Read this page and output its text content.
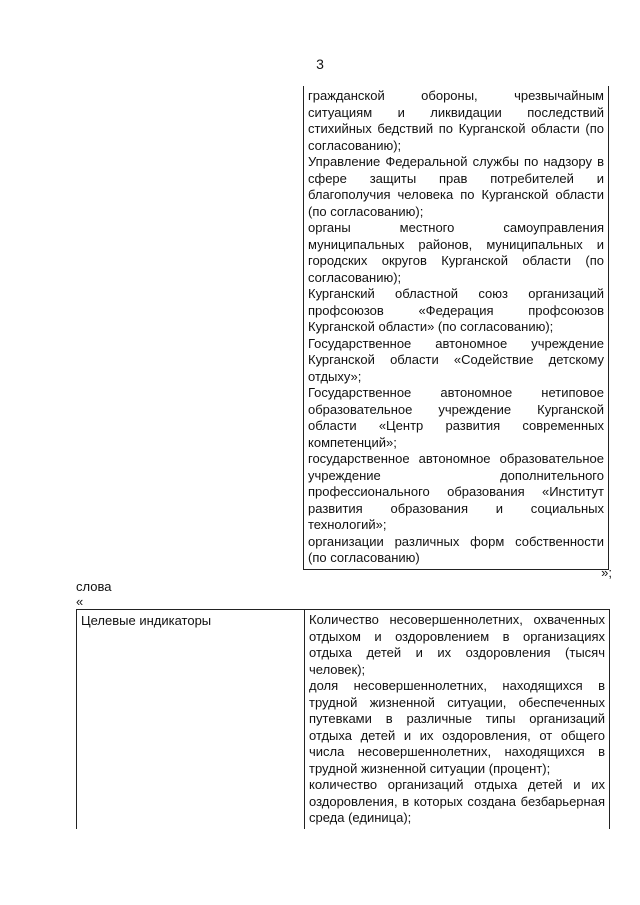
3

гражданской обороны, чрезвычайным ситуациям и ликвидации последствий стихийных бедствий по Курганской области (по согласованию);

Управление Федеральной службы по надзору в сфере защиты прав потребителей и благополучия человека по Курганской области (по согласованию);

органы местного самоуправления муниципальных районов, муниципальных и городских округов Курганской области (по согласованию);

Курганский областной союз организаций профсоюзов «Федерация профсоюзов Курганской области» (по согласованию);

Государственное автономное учреждение Курганской области «Содействие детскому отдыху»;

Государственное автономное нетиповое образовательное учреждение Курганской области «Центр развития современных компетенций»;

государственное автономное образовательное учреждение дополнительного профессионального образования «Институт развития образования и социальных технологий»;

организации различных форм собственности (по согласованию)

»;
слова
«
Целевые индикаторы	Количество несовершеннолетних, охваченных отдыхом и оздоровлением в организациях отдыха детей и их оздоровления (тысяч человек);

доля несовершеннолетних, находящихся в трудной жизненной ситуации, обеспеченных путевками в различные типы организаций отдыха детей и их оздоровления, от общего числа несовершеннолетних, находящихся в трудной жизненной ситуации (процент);

количество организаций отдыха детей и их оздоровления, в которых создана безбарьерная среда (единица);
